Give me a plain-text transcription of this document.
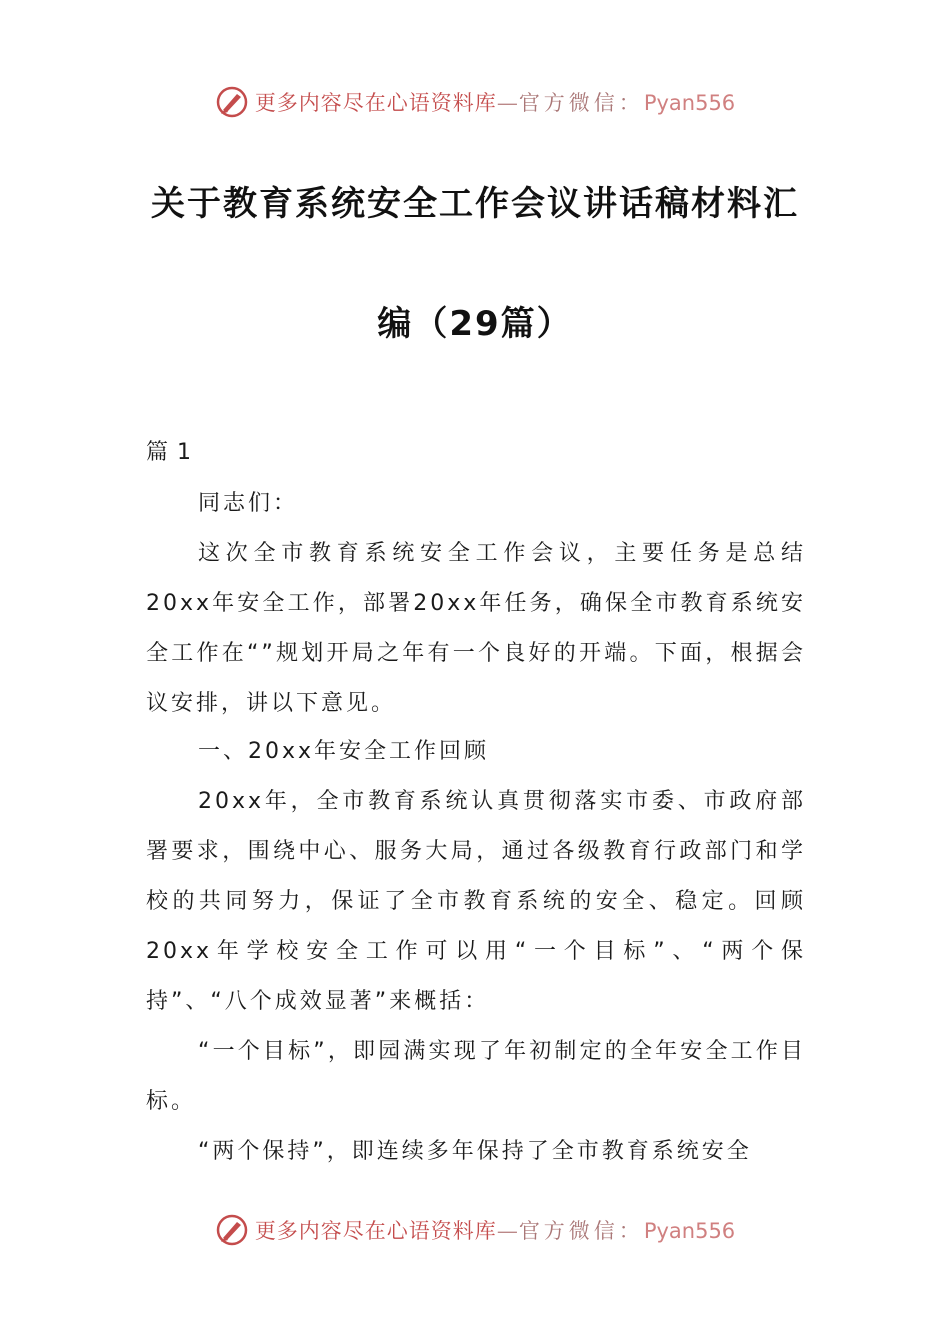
更多内容尽在心语资料库—官方微信：Pyan556
关于教育系统安全工作会议讲话稿材料汇
编（29篇）
篇 1
同志们：
这次全市教育系统安全工作会议，主要任务是总结20xx年安全工作，部署20xx年任务，确保全市教育系统安全工作在“”规划开局之年有一个良好的开端。下面，根据会议安排，讲以下意见。
一、20xx年安全工作回顾
20xx年，全市教育系统认真贯彻落实市委、市政府部署要求，围绕中心、服务大局，通过各级教育行政部门和学校的共同努力，保证了全市教育系统的安全、稳定。回顾20xx年学校安全工作可以用“一个目标”、“两个保持”、“八个成效显著”来概括：
“一个目标”，即园满实现了年初制定的全年安全工作目标。
“两个保持”，即连续多年保持了全市教育系统安全
更多内容尽在心语资料库—官方微信：Pyan556
